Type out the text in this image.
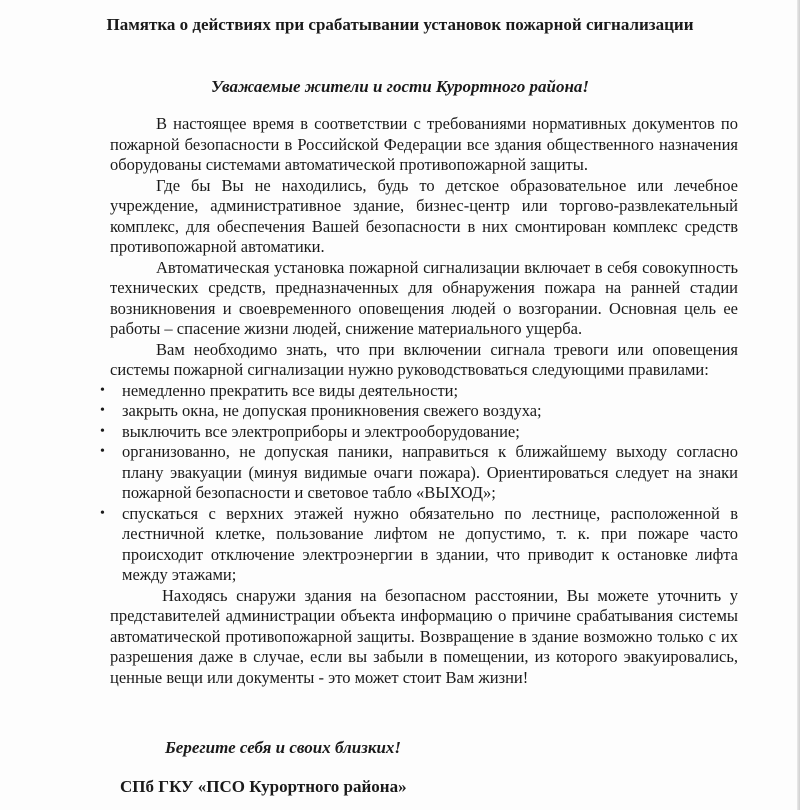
Памятка о действиях при срабатывании установок пожарной сигнализации
Уважаемые жители и гости Курортного района!

В настоящее время в соответствии с требованиями нормативных документов по пожарной безопасности в Российской Федерации все здания общественного назначения оборудованы системами автоматической противопожарной защиты.

Где бы Вы не находились, будь то детское образовательное или лечебное учреждение, административное здание, бизнес-центр или торгово-развлекательный комплекс, для обеспечения Вашей безопасности в них смонтирован комплекс средств противопожарной автоматики.

Автоматическая установка пожарной сигнализации включает в себя совокупность технических средств, предназначенных для обнаружения пожара на ранней стадии возникновения и своевременного оповещения людей о возгорании. Основная цель ее работы – спасение жизни людей, снижение материального ущерба.

Вам необходимо знать, что при включении сигнала тревоги или оповещения системы пожарной сигнализации нужно руководствоваться следующими правилами:

• немедленно прекратить все виды деятельности;
• закрыть окна, не допуская проникновения свежего воздуха;
• выключить все электроприборы и электрооборудование;
• организованно, не допуская паники, направиться к ближайшему выходу согласно плану эвакуации (минуя видимые очаги пожара). Ориентироваться следует на знаки пожарной безопасности и световое табло «ВЫХОД»;
• спускаться с верхних этажей нужно обязательно по лестнице, расположенной в лестничной клетке, пользование лифтом не допустимо, т. к. при пожаре часто происходит отключение электроэнергии в здании, что приводит к остановке лифта между этажами;

Находясь снаружи здания на безопасном расстоянии, Вы можете уточнить у представителей администрации объекта информацию о причине срабатывания системы автоматической противопожарной защиты. Возвращение в здание возможно только с их разрешения даже в случае, если вы забыли в помещении, из которого эвакуировались, ценные вещи или документы - это может стоит Вам жизни!

Берегите себя и своих близких!
СПб ГКУ «ПСО Курортного района»
